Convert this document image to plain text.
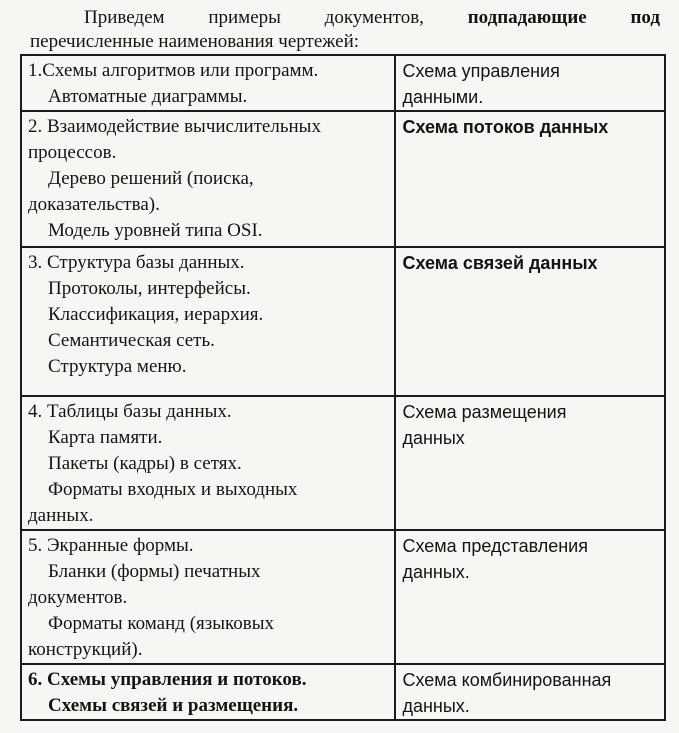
Приведем примеры документов, подпадающие под
перечисленные наименования чертежей:
1.Схемы алгоритмов или программ.
Автоматные диаграммы.	Схема управления
данными.

2. Взаимодействие вычислительных
процессов.
Дерево решений (поиска,
доказательства).
Модель уровней типа OSI.	Схема потоков данных

3. Структура базы данных.
Протоколы, интерфейсы.
Классификация, иерархия.
Семантическая сеть.
Структура меню.	Схема связей данных

4. Таблицы базы данных.
Карта памяти.
Пакеты (кадры) в сетях.
Форматы входных и выходных
данных.	Схема размещения
данных

5. Экранные формы.
Бланки (формы) печатных
документов.
Форматы команд (языковых
конструкций).	Схема представления
данных.

6. Схемы управления и потоков.
Схемы связей и размещения.	Схема комбинированная
данных.
